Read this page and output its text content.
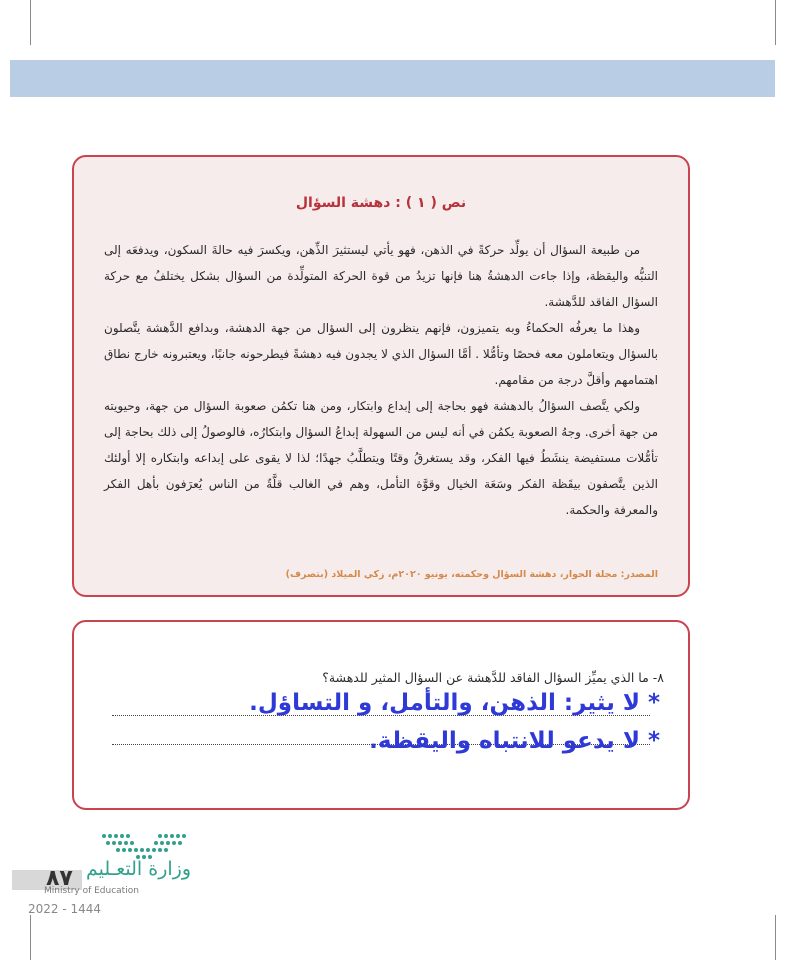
نص ( ١ ) : دهشة السؤال

من طبيعة السؤال أن يولِّد حركةً في الذهن، فهو يأتي ليستثيرَ الذِّهن، ويكسرَ فيه حالةَ السكون، ويدفعَه إلى التنبُّه واليقظة، وإذا جاءت الدهشةُ هنا فإنها تزيدُ من قوة الحركة المتولِّدة من السؤال بشكل يختلفُ مع حركة السؤال الفاقد للدَّهشة.

وهذا ما يعرفُه الحكماءُ وبه يتميزون، فإنهم ينظرون إلى السؤال من جهة الدهشة، وبدافع الدَّهشة يتَّصلون بالسؤال ويتعاملون معه فحصًا وتأمُّلا . أمَّا السؤال الذي لا يجدون فيه دهشةً فيطرحونه جانبًا، ويعتبرونه خارج نطاق اهتمامهم وأقلَّ درجة من مقامهم.

ولكي يتَّصف السؤالُ بالدهشة فهو بحاجة إلى إبداع وابتكار، ومن هنا تكمُن صعوبة السؤال من جهة، وحيويته من جهة أخرى. وجهُ الصعوبة يكمُن في أنه ليس من السهولة إبداعُ السؤال وابتكارُه، فالوصولُ إلى ذلك بحاجة إلى تأمُّلات مستفيضة ينشَطُ فيها الفكر، وقد يستغرقُ وقتًا ويتطلَّبُ جهدًا؛ لذا لا يقوى على إبداعه وابتكاره إلا أولئك الذين يتَّصفون بيقَظة الفكر وسَعَة الخيال وقوَّة التأمل، وهم في الغالب قلَّةٌ من الناس يُعرَفون بأهل الفكر والمعرفة والحكمة.

المصدر: مجلة الحوار، دهشة السؤال وحكمته، يونيو ٢٠٢٠م، زكي الميلاد (بتصرف)
٨- ما الذي يميِّز السؤال الفاقد للدَّهشة عن السؤال المثير للدهشة؟
* لا يثير: الذهن، والتأمل، و التساؤل.
* لا يدعو للانتباه واليقظة.
٨٧ وزارة التعـليم
Ministry of Education
2022 - 1444
